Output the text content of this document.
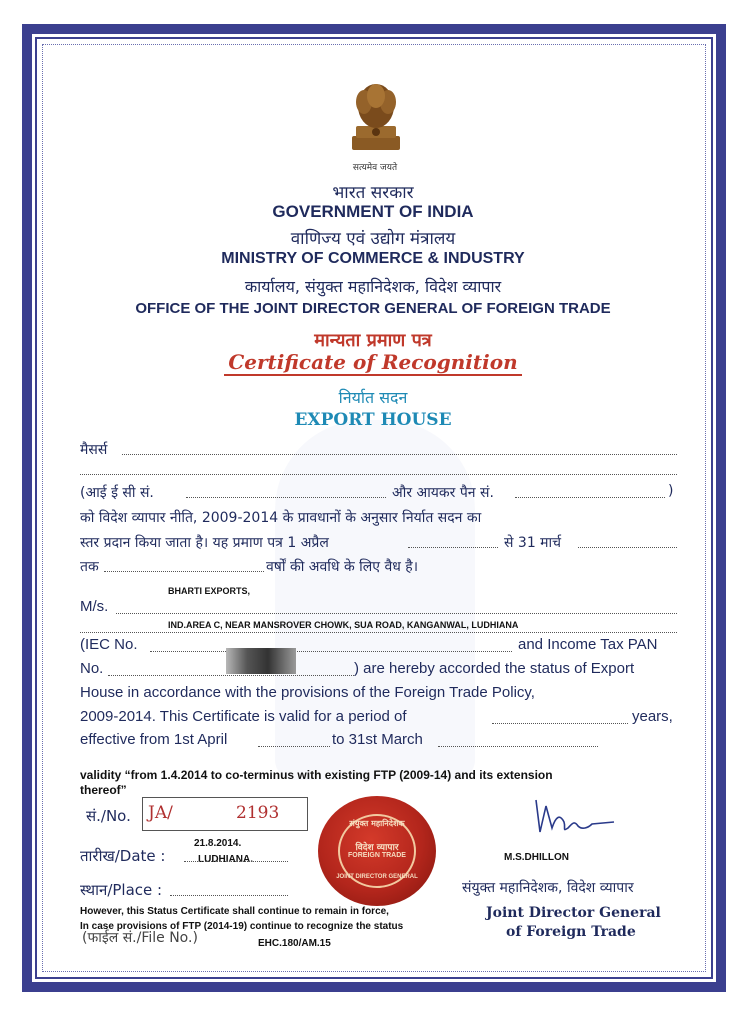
सत्यमेव जयते
भारत सरकार
GOVERNMENT OF INDIA
वाणिज्य एवं उद्योग मंत्रालय
MINISTRY OF COMMERCE & INDUSTRY
कार्यालय, संयुक्त महानिदेशक, विदेश व्यापार
OFFICE OF THE JOINT DIRECTOR GENERAL OF FOREIGN TRADE
मान्यता प्रमाण पत्र
Certificate of Recognition
निर्यात सदन
EXPORT HOUSE
मैसर्स
(आई ई सी सं.	और आयकर पैन सं.	)
को विदेश व्यापार नीति, 2009-2014 के प्रावधानों के अनुसार निर्यात सदन का
स्तर प्रदान किया जाता है। यह प्रमाण पत्र 1 अप्रैल	से 31 मार्च
तक	वर्षों की अवधि के लिए वैध है।
BHARTI EXPORTS,
M/s.
IND.AREA C, NEAR MANSROVER CHOWK, SUA ROAD, KANGANWAL, LUDHIANA
(IEC No.	and Income Tax PAN
No.	) are hereby accorded the status of Export
House in accordance with the provisions of the Foreign Trade Policy,
2009-2014. This Certificate is valid for a period of	years,
effective from 1st April	to 31st March
validity “from 1.4.2014 to co-terminus with existing FTP (2009-14) and its extension
thereof”
सं./No. JA/	2193
तारीख/Date :
21.8.2014.
LUDHIANA.
स्थान/Place :
(फाईल सं./File No.)
However, this Status Certificate shall continue to remain in force,
In case provisions of FTP (2014-19) continue to recognize the status
EHC.180/AM.15
संयुक्त महानिदेशक
विदेश व्यापार
FOREIGN TRADE
JOINT DIRECTOR GENERAL
M.S.DHILLON
संयुक्त महानिदेशक, विदेश व्यापार
Joint Director General
of Foreign Trade
